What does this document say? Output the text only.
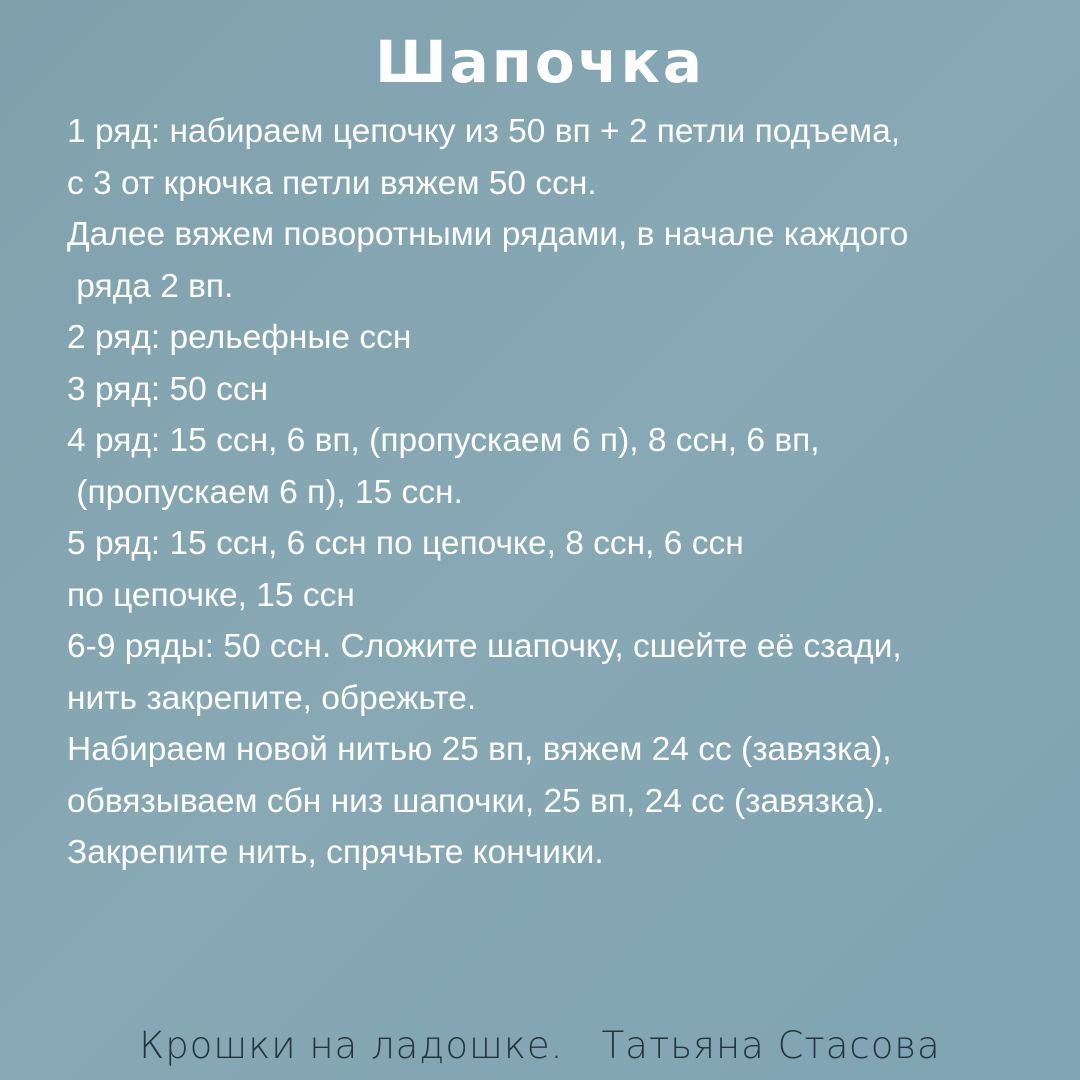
Шапочка
1 ряд: набираем цепочку из 50 вп + 2 петли подъема,
с 3 от крючка петли вяжем 50 ссн.
Далее вяжем поворотными рядами, в начале каждого
ряда 2 вп.
2 ряд: рельефные ссн
3 ряд: 50 ссн
4 ряд: 15 ссн, 6 вп, (пропускаем 6 п), 8 ссн, 6 вп,
(пропускаем 6 п), 15 ссн.
5 ряд: 15 ссн, 6 ссн по цепочке, 8 ссн, 6 ссн
по цепочке, 15 ссн
6-9 ряды: 50 ссн. Сложите шапочку, сшейте её сзади,
нить закрепите, обрежьте.
Набираем новой нитью 25 вп, вяжем 24 сс (завязка),
обвязываем сбн низ шапочки, 25 вп, 24 сс (завязка).
Закрепите нить, спрячьте кончики.
Крошки на ладошке.   Татьяна Стасова
